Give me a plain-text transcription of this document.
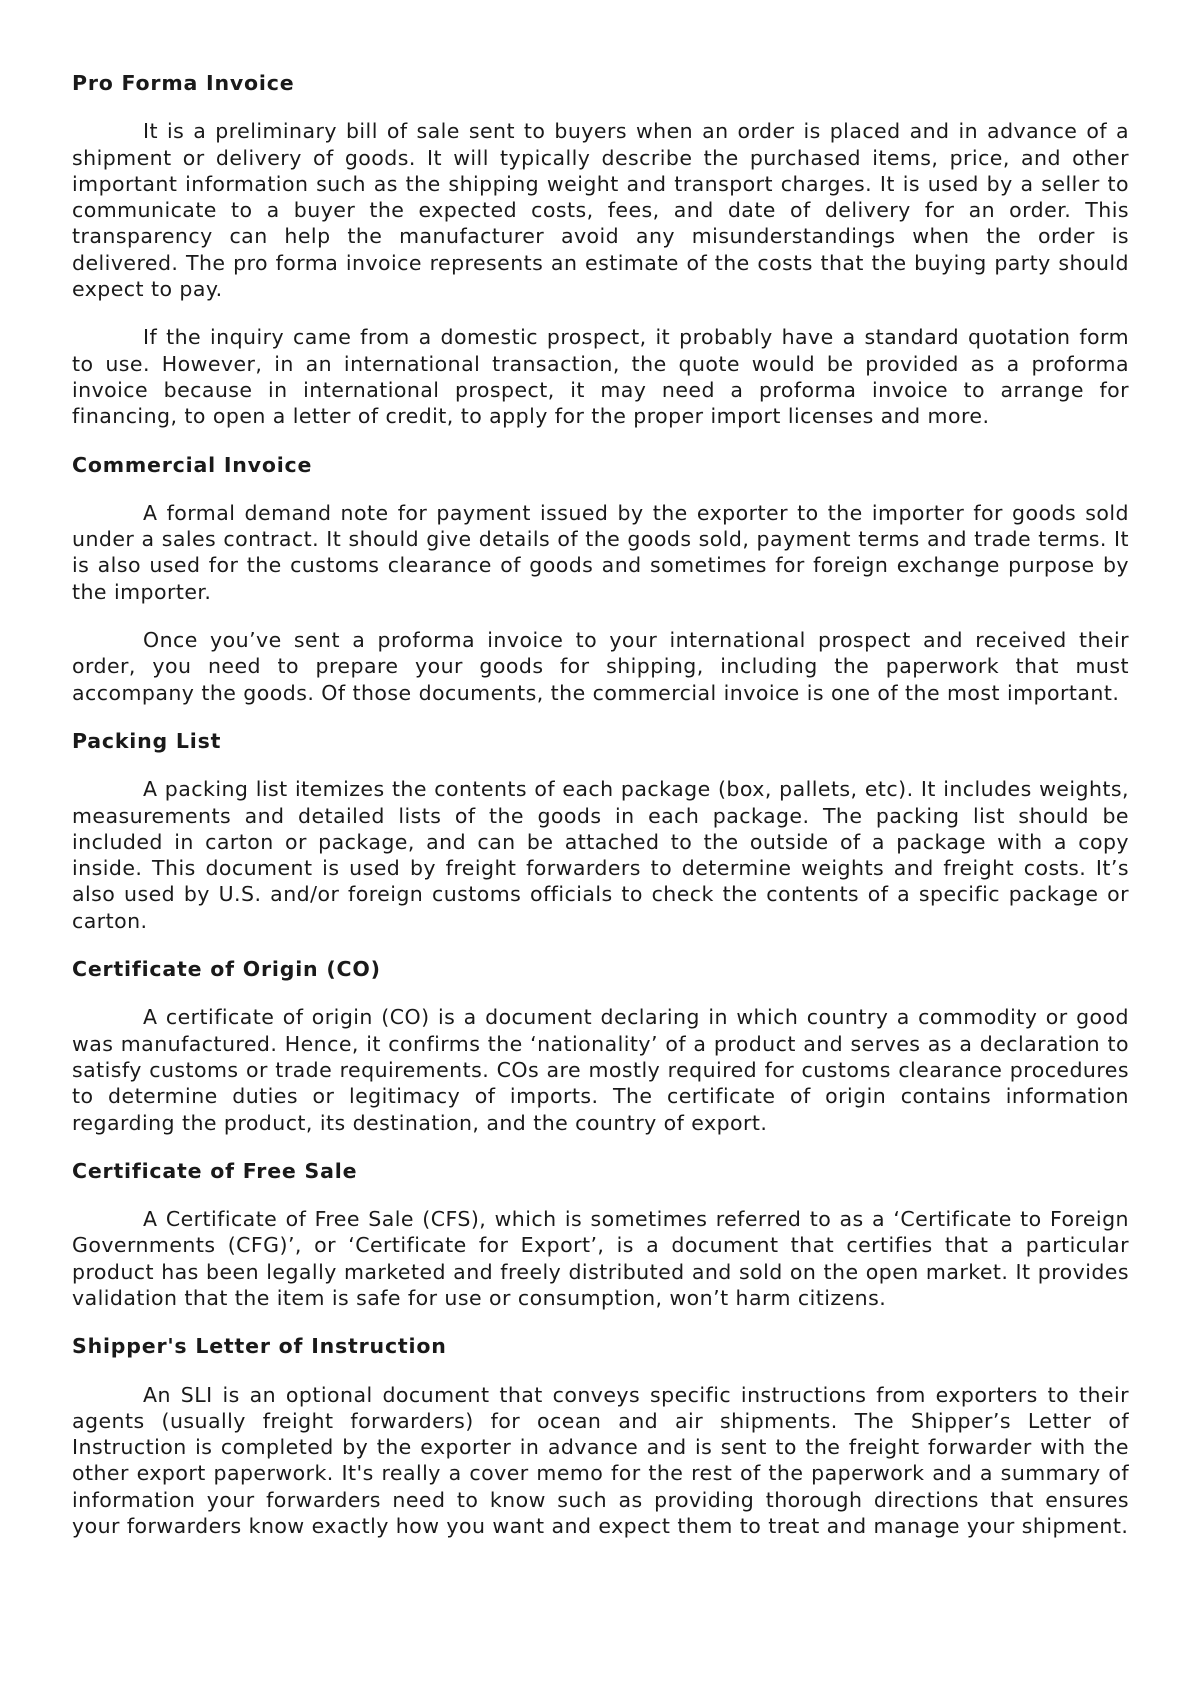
Pro Forma Invoice

It is a preliminary bill of sale sent to buyers when an order is placed and in advance of a shipment or delivery of goods. It will typically describe the purchased items, price, and other important information such as the shipping weight and transport charges. It is used by a seller to communicate to a buyer the expected costs, fees, and date of delivery for an order. This transparency can help the manufacturer avoid any misunderstandings when the order is delivered. The pro forma invoice represents an estimate of the costs that the buying party should expect to pay.

If the inquiry came from a domestic prospect, it probably have a standard quotation form to use. However, in an international transaction, the quote would be provided as a proforma invoice because in international prospect, it may need a proforma invoice to arrange for financing, to open a letter of credit, to apply for the proper import licenses and more.

Commercial Invoice

A formal demand note for payment issued by the exporter to the importer for goods sold under a sales contract. It should give details of the goods sold, payment terms and trade terms. It is also used for the customs clearance of goods and sometimes for foreign exchange purpose by the importer.

Once you’ve sent a proforma invoice to your international prospect and received their order, you need to prepare your goods for shipping, including the paperwork that must accompany the goods. Of those documents, the commercial invoice is one of the most important.

Packing List

A packing list itemizes the contents of each package (box, pallets, etc). It includes weights, measurements and detailed lists of the goods in each package. The packing list should be included in carton or package, and can be attached to the outside of a package with a copy inside. This document is used by freight forwarders to determine weights and freight costs. It’s also used by U.S. and/or foreign customs officials to check the contents of a specific package or carton.

Certificate of Origin (CO)

A certificate of origin (CO) is a document declaring in which country a commodity or good was manufactured. Hence, it confirms the ‘nationality’ of a product and serves as a declaration to satisfy customs or trade requirements. COs are mostly required for customs clearance procedures to determine duties or legitimacy of imports. The certificate of origin contains information regarding the product, its destination, and the country of export.

Certificate of Free Sale

A Certificate of Free Sale (CFS), which is sometimes referred to as a ‘Certificate to Foreign Governments (CFG)’, or ‘Certificate for Export’, is a document that certifies that a particular product has been legally marketed and freely distributed and sold on the open market. It provides validation that the item is safe for use or consumption, won’t harm citizens.

Shipper's Letter of Instruction

An SLI is an optional document that conveys specific instructions from exporters to their agents (usually freight forwarders) for ocean and air shipments. The Shipper’s Letter of Instruction is completed by the exporter in advance and is sent to the freight forwarder with the other export paperwork. It's really a cover memo for the rest of the paperwork and a summary of information your forwarders need to know such as providing thorough directions that ensures your forwarders know exactly how you want and expect them to treat and manage your shipment.
